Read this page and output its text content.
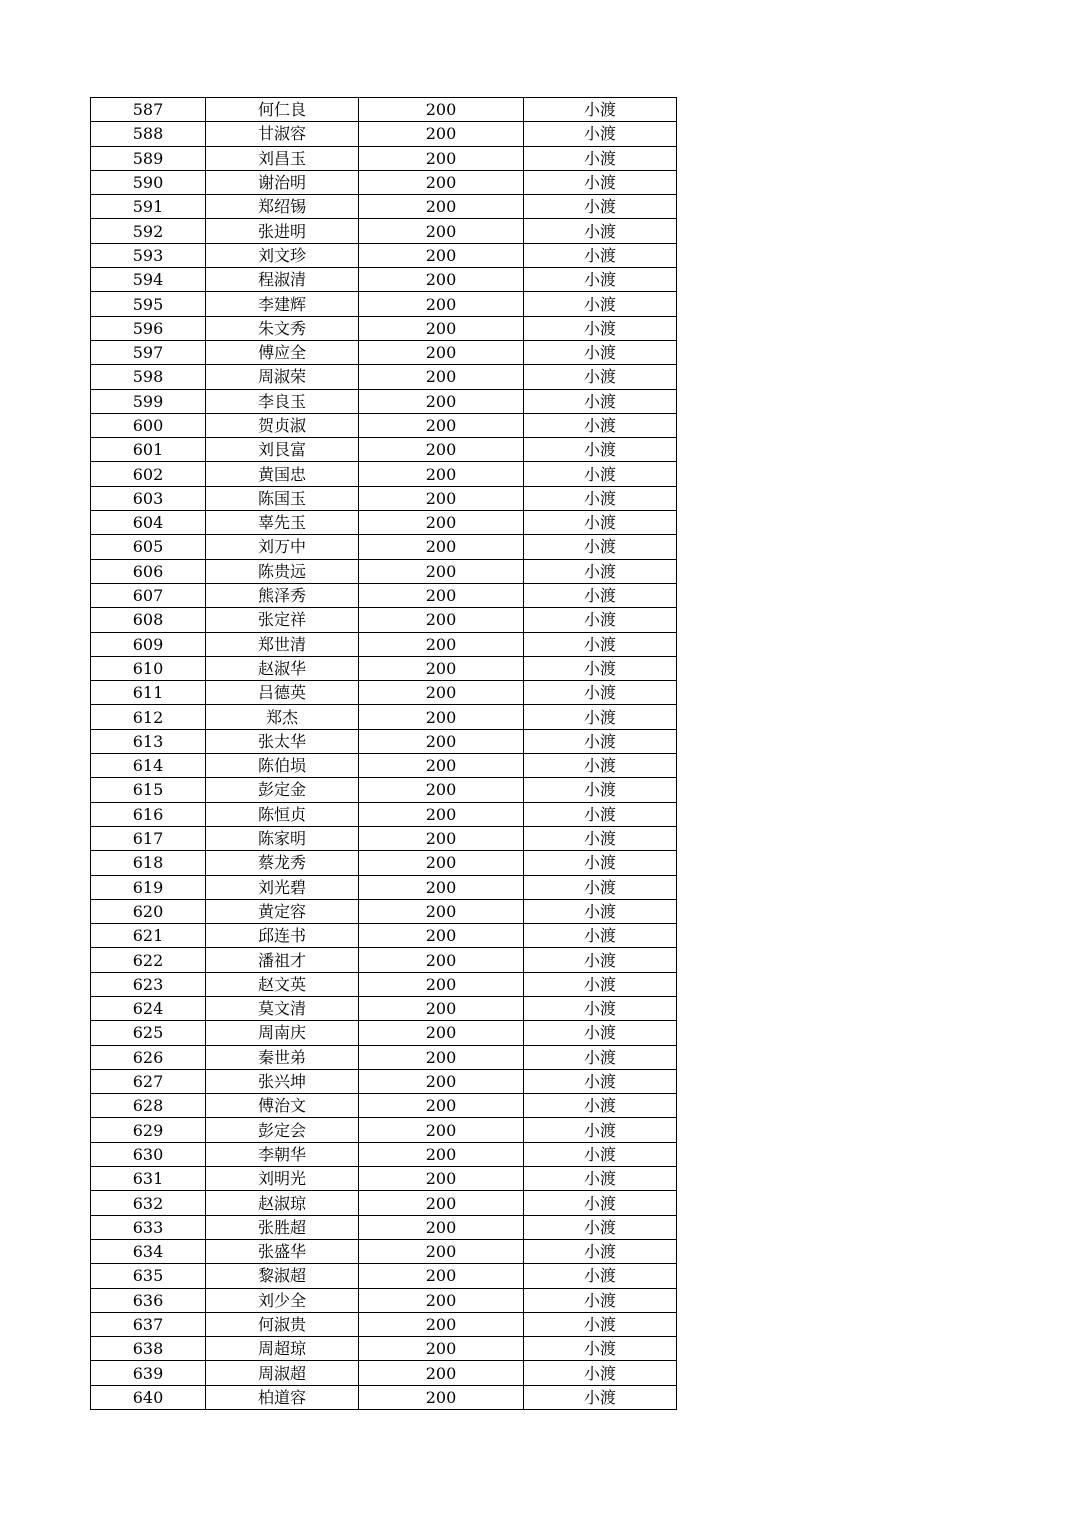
587	何仁良	200	小渡
588	甘淑容	200	小渡
589	刘昌玉	200	小渡
590	谢治明	200	小渡
591	郑绍锡	200	小渡
592	张进明	200	小渡
593	刘文珍	200	小渡
594	程淑清	200	小渡
595	李建辉	200	小渡
596	朱文秀	200	小渡
597	傅应全	200	小渡
598	周淑荣	200	小渡
599	李良玉	200	小渡
600	贺贞淑	200	小渡
601	刘艮富	200	小渡
602	黄国忠	200	小渡
603	陈国玉	200	小渡
604	辜先玉	200	小渡
605	刘万中	200	小渡
606	陈贵远	200	小渡
607	熊泽秀	200	小渡
608	张定祥	200	小渡
609	郑世清	200	小渡
610	赵淑华	200	小渡
611	吕德英	200	小渡
612	郑杰	200	小渡
613	张太华	200	小渡
614	陈伯埙	200	小渡
615	彭定金	200	小渡
616	陈恒贞	200	小渡
617	陈家明	200	小渡
618	蔡龙秀	200	小渡
619	刘光碧	200	小渡
620	黄定容	200	小渡
621	邱连书	200	小渡
622	潘祖才	200	小渡
623	赵文英	200	小渡
624	莫文清	200	小渡
625	周南庆	200	小渡
626	秦世弟	200	小渡
627	张兴坤	200	小渡
628	傅治文	200	小渡
629	彭定会	200	小渡
630	李朝华	200	小渡
631	刘明光	200	小渡
632	赵淑琼	200	小渡
633	张胜超	200	小渡
634	张盛华	200	小渡
635	黎淑超	200	小渡
636	刘少全	200	小渡
637	何淑贵	200	小渡
638	周超琼	200	小渡
639	周淑超	200	小渡
640	柏道容	200	小渡
